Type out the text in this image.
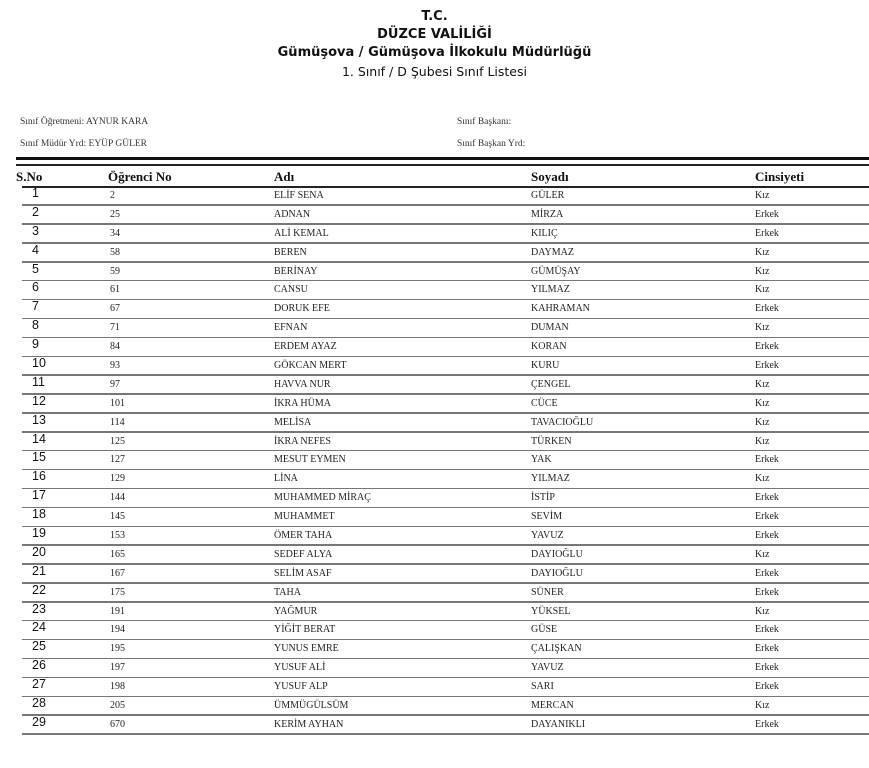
T.C.
DÜZCE VALİLİĞİ
Gümüşova / Gümüşova İlkokulu Müdürlüğü
1. Sınıf / D Şubesi Sınıf Listesi
Sınıf Öğretmeni: AYNUR KARA
Sınıf Müdür Yrd: EYÜP GÜLER
Sınıf Başkanı:
Sınıf Başkan Yrd:
S.No	Öğrenci No	Adı	Soyadı	Cinsiyeti
1	2	ELİF SENA	GÜLER	Kız
2	25	ADNAN	MİRZA	Erkek
3	34	ALİ KEMAL	KILIÇ	Erkek
4	58	BEREN	DAYMAZ	Kız
5	59	BERİNAY	GÜMÜŞAY	Kız
6	61	CANSU	YILMAZ	Kız
7	67	DORUK EFE	KAHRAMAN	Erkek
8	71	EFNAN	DUMAN	Kız
9	84	ERDEM AYAZ	KORAN	Erkek
10	93	GÖKCAN MERT	KURU	Erkek
11	97	HAVVA NUR	ÇENGEL	Kız
12	101	İKRA HÜMA	CÜCE	Kız
13	114	MELİSA	TAVACIOĞLU	Kız
14	125	İKRA NEFES	TÜRKEN	Kız
15	127	MESUT EYMEN	YAK	Erkek
16	129	LİNA	YILMAZ	Kız
17	144	MUHAMMED MİRAÇ	İSTİP	Erkek
18	145	MUHAMMET	SEVİM	Erkek
19	153	ÖMER TAHA	YAVUZ	Erkek
20	165	SEDEF ALYA	DAYIOĞLU	Kız
21	167	SELİM ASAF	DAYIOĞLU	Erkek
22	175	TAHA	SÜNER	Erkek
23	191	YAĞMUR	YÜKSEL	Kız
24	194	YİĞİT BERAT	GÜSE	Erkek
25	195	YUNUS EMRE	ÇALIŞKAN	Erkek
26	197	YUSUF ALİ	YAVUZ	Erkek
27	198	YUSUF ALP	SARI	Erkek
28	205	ÜMMÜGÜLSÜM	MERCAN	Kız
29	670	KERİM AYHAN	DAYANIKLI	Erkek
